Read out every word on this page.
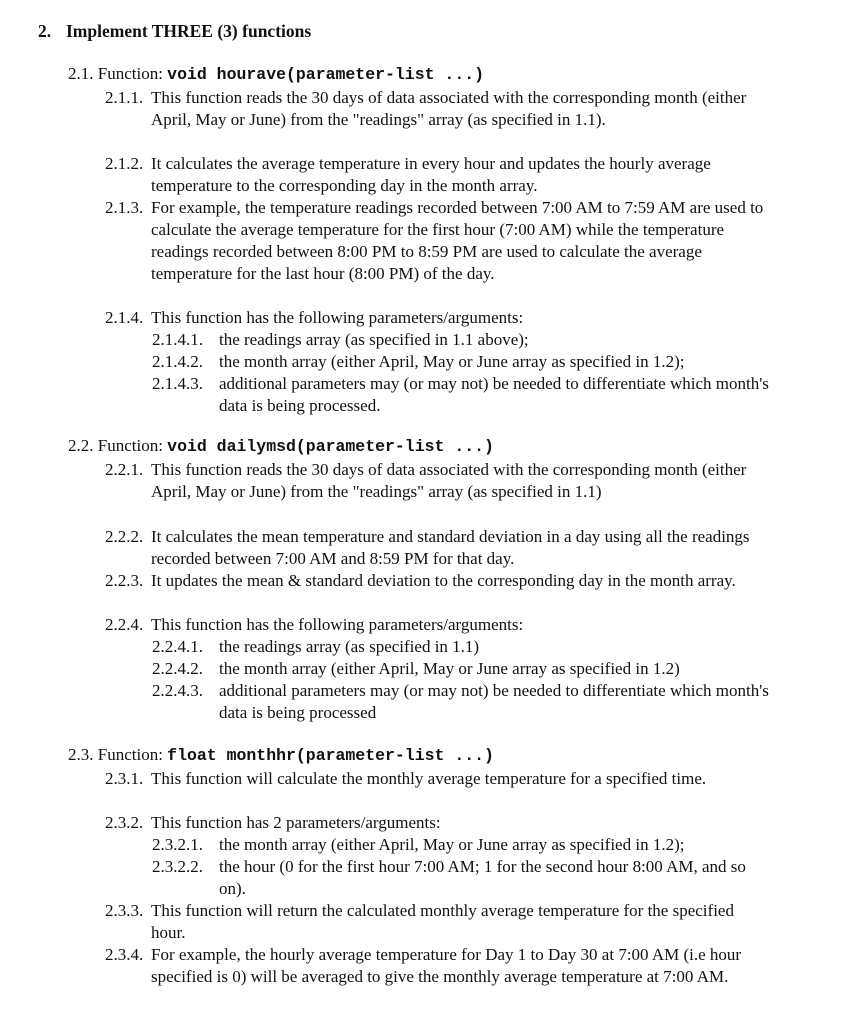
2. Implement THREE (3) functions
2.1. Function: void hourave(parameter-list ...)
2.1.1. This function reads the 30 days of data associated with the corresponding month (either April, May or June) from the "readings" array (as specified in 1.1).
2.1.2. It calculates the average temperature in every hour and updates the hourly average temperature to the corresponding day in the month array.
2.1.3. For example, the temperature readings recorded between 7:00 AM to 7:59 AM are used to calculate the average temperature for the first hour (7:00 AM) while the temperature readings recorded between 8:00 PM to 8:59 PM are used to calculate the average temperature for the last hour (8:00 PM) of the day.
2.1.4. This function has the following parameters/arguments:
2.1.4.1. the readings array (as specified in 1.1 above);
2.1.4.2. the month array (either April, May or June array as specified in 1.2);
2.1.4.3. additional parameters may (or may not) be needed to differentiate which month's data is being processed.
2.2. Function: void dailymsd(parameter-list ...)
2.2.1. This function reads the 30 days of data associated with the corresponding month (either April, May or June) from the "readings" array (as specified in 1.1)
2.2.2. It calculates the mean temperature and standard deviation in a day using all the readings recorded between 7:00 AM and 8:59 PM for that day.
2.2.3. It updates the mean & standard deviation to the corresponding day in the month array.
2.2.4. This function has the following parameters/arguments:
2.2.4.1. the readings array (as specified in 1.1)
2.2.4.2. the month array (either April, May or June array as specified in 1.2)
2.2.4.3. additional parameters may (or may not) be needed to differentiate which month's data is being processed
2.3. Function: float monthhr(parameter-list ...)
2.3.1. This function will calculate the monthly average temperature for a specified time.
2.3.2. This function has 2 parameters/arguments:
2.3.2.1. the month array (either April, May or June array as specified in 1.2);
2.3.2.2. the hour (0 for the first hour 7:00 AM; 1 for the second hour 8:00 AM, and so on).
2.3.3. This function will return the calculated monthly average temperature for the specified hour.
2.3.4. For example, the hourly average temperature for Day 1 to Day 30 at 7:00 AM (i.e hour specified is 0) will be averaged to give the monthly average temperature at 7:00 AM.
